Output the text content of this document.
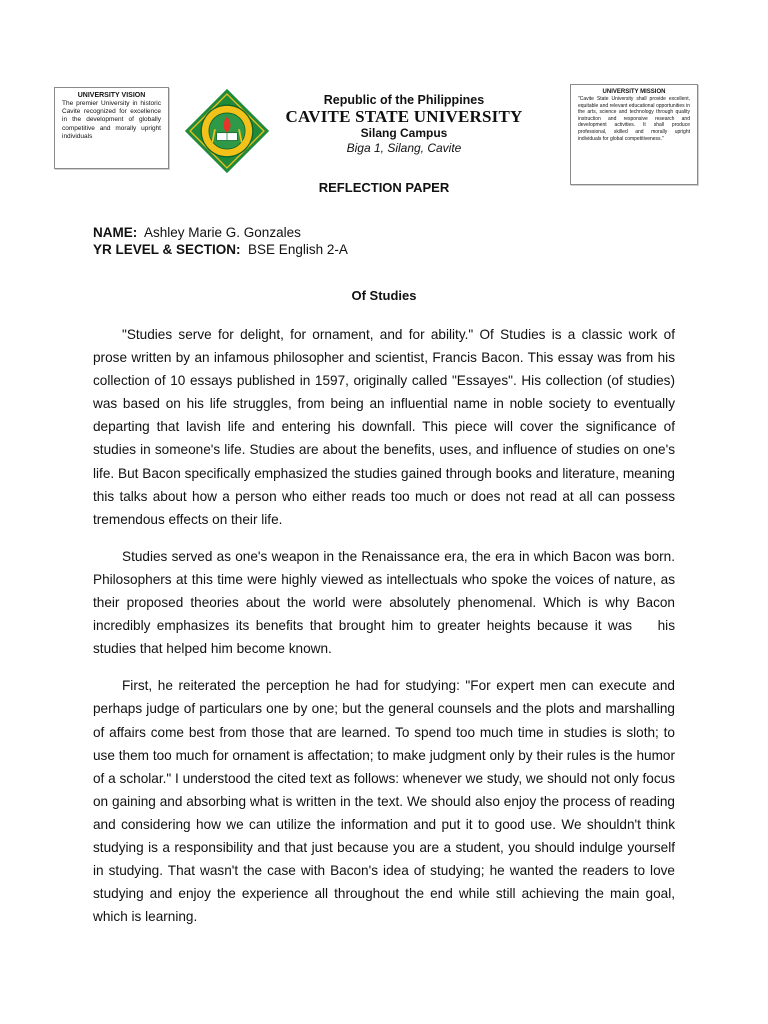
UNIVERSITY VISION

The premier University in historic Cavite recognized for excellence in the development of globally competitive and morally upright individuals

Republic of the Philippines
CAVITE STATE UNIVERSITY
Silang Campus
Biga 1, Silang, Cavite
UNIVERSITY MISSION

"Cavite State University shall provide excellent, equitable and relevant educational opportunities in the arts, science and technology through quality instruction and responsive research and development activities. It shall produce professional, skilled and morally upright individuals for global competitiveness."

REFLECTION PAPER
NAME: Ashley Marie G. Gonzales
YR LEVEL & SECTION: BSE English 2-A
Of Studies

"Studies serve for delight, for ornament, and for ability." Of Studies is a classic work of prose written by an infamous philosopher and scientist, Francis Bacon. This essay was from his collection of 10 essays published in 1597, originally called "Essayes". His collection (of studies) was based on his life struggles, from being an influential name in noble society to eventually departing that lavish life and entering his downfall. This piece will cover the significance of studies in someone's life. Studies are about the benefits, uses, and influence of studies on one's life. But Bacon specifically emphasized the studies gained through books and literature, meaning this talks about how a person who either reads too much or does not read at all can possess tremendous effects on their life.

Studies served as one's weapon in the Renaissance era, the era in which Bacon was born. Philosophers at this time were highly viewed as intellectuals who spoke the voices of nature, as their proposed theories about the world were absolutely phenomenal. Which is why Bacon incredibly emphasizes its benefits that brought him to greater heights because it was    his studies that helped him become known.

First, he reiterated the perception he had for studying: "For expert men can execute and perhaps judge of particulars one by one; but the general counsels and the plots and marshalling of affairs come best from those that are learned. To spend too much time in studies is sloth; to use them too much for ornament is affectation; to make judgment only by their rules is the humor of a scholar." I understood the cited text as follows: whenever we study, we should not only focus on gaining and absorbing what is written in the text. We should also enjoy the process of reading and considering how we can utilize the information and put it to good use. We shouldn't think studying is a responsibility and that just because you are a student, you should indulge yourself in studying. That wasn't the case with Bacon's idea of studying; he wanted the readers to love studying and enjoy the experience all throughout the end while still achieving the main goal, which is learning.
